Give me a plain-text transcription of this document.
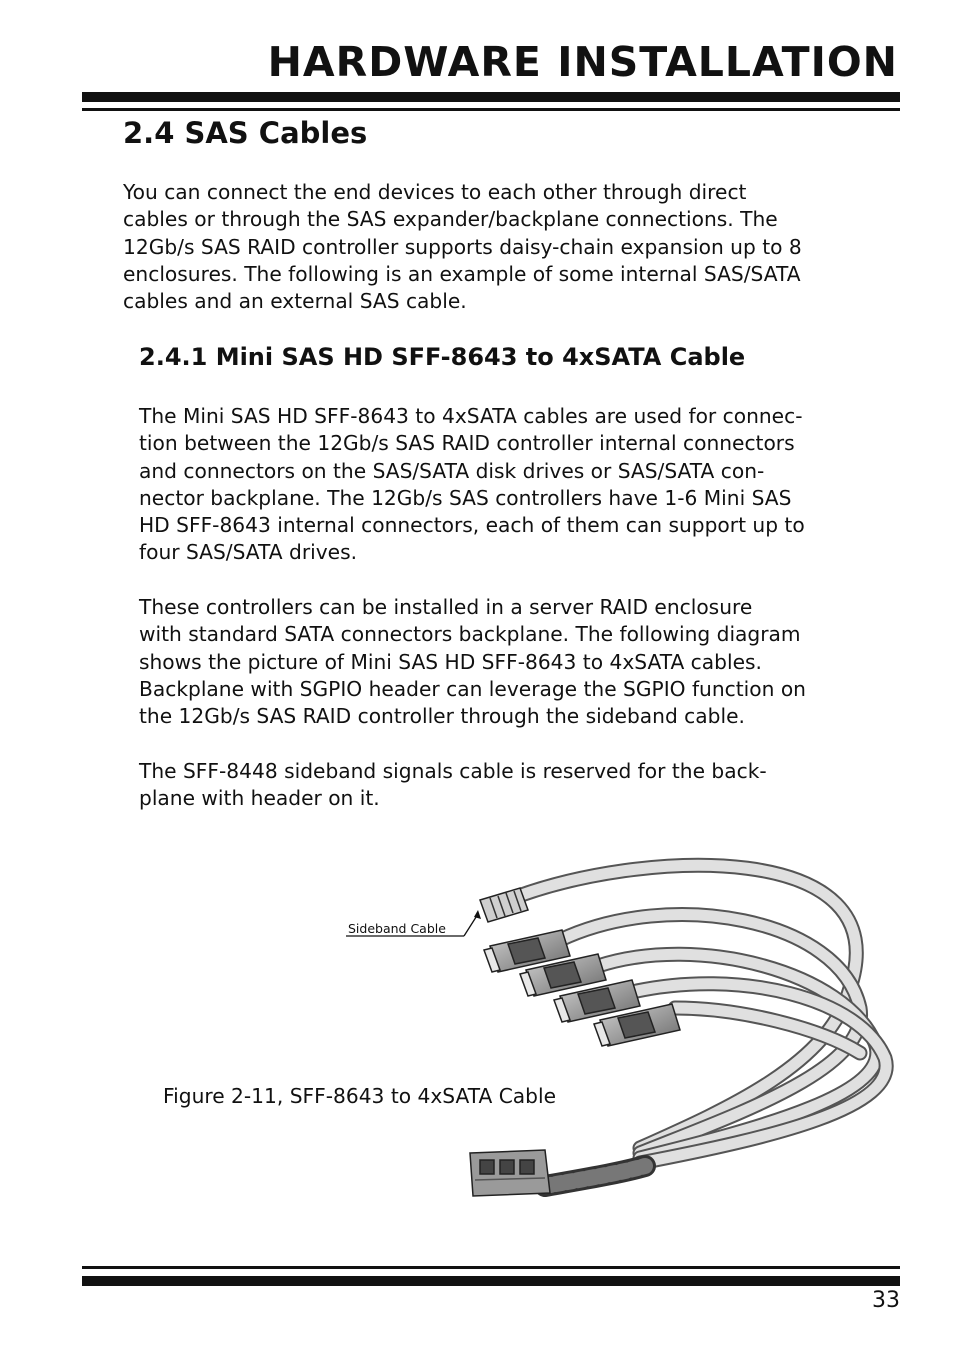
HARDWARE INSTALLATION
2.4 SAS Cables

You can connect the end devices to each other through direct
cables or through the SAS expander/backplane connections. The
12Gb/s SAS RAID controller supports daisy-chain expansion up to 8
enclosures. The following is an example of some internal SAS/SATA
cables and an external SAS cable.

2.4.1 Mini SAS HD SFF-8643 to 4xSATA Cable

The Mini SAS HD SFF-8643 to 4xSATA cables are used for connec-
tion between the 12Gb/s SAS RAID controller internal connectors
and connectors on the SAS/SATA disk drives or SAS/SATA con-
nector backplane. The 12Gb/s SAS controllers have 1-6 Mini SAS
HD SFF-8643 internal connectors, each of them can support up to
four SAS/SATA drives.

These controllers can be installed in a server RAID enclosure
with standard SATA connectors backplane. The following diagram
shows the picture of Mini SAS HD SFF-8643 to 4xSATA cables.
Backplane with SGPIO header can leverage the SGPIO function on
the 12Gb/s SAS RAID controller through the sideband cable.

The SFF-8448 sideband signals cable is reserved for the back-
plane with header on it.

Sideband Cable

Figure 2-11, SFF-8643 to 4xSATA Cable

33
